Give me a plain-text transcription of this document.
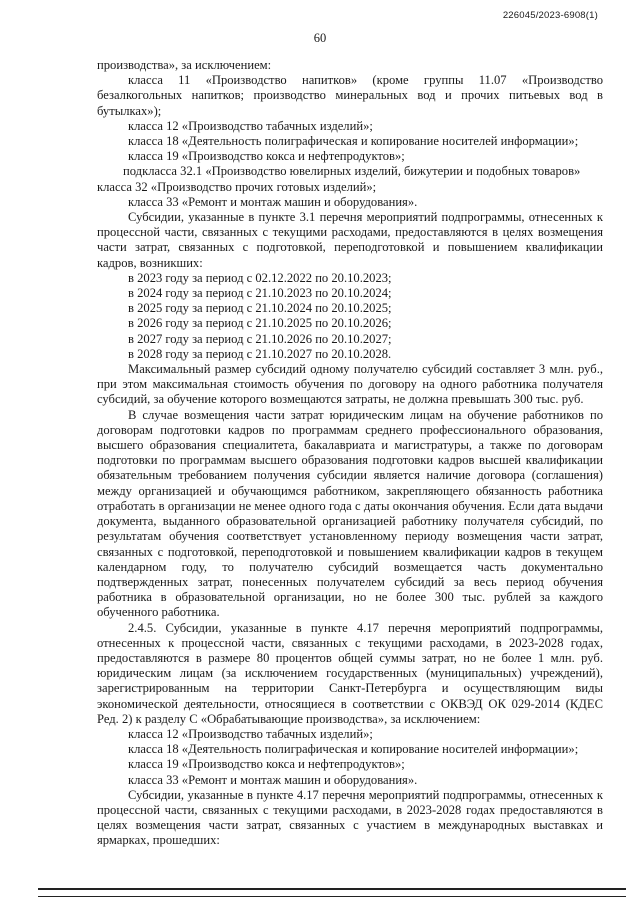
226045/2023-6908(1)
60

производства», за исключением:

класса 11 «Производство напитков» (кроме группы 11.07 «Производство безалкогольных напитков; производство минеральных вод и прочих питьевых вод в бутылках»);

класса 12 «Производство табачных изделий»;

класса 18 «Деятельность полиграфическая и копирование носителей информации»;

класса 19 «Производство кокса и нефтепродуктов»;

подкласса 32.1 «Производство ювелирных изделий, бижутерии и подобных товаров»

класса 32 «Производство прочих готовых изделий»;

класса 33 «Ремонт и монтаж машин и оборудования».

Субсидии, указанные в пункте 3.1 перечня мероприятий подпрограммы, отнесенных к процессной части, связанных с текущими расходами, предоставляются в целях возмещения части затрат, связанных с подготовкой, переподготовкой и повышением квалификации кадров, возникших:

в 2023 году за период с 02.12.2022 по 20.10.2023;

в 2024 году за период с 21.10.2023 по 20.10.2024;

в 2025 году за период с 21.10.2024 по 20.10.2025;

в 2026 году за период с 21.10.2025 по 20.10.2026;

в 2027 году за период с 21.10.2026 по 20.10.2027;

в 2028 году за период с 21.10.2027 по 20.10.2028.

Максимальный размер субсидий одному получателю субсидий составляет 3 млн. руб., при этом максимальная стоимость обучения по договору на одного работника получателя субсидий, за обучение которого возмещаются затраты, не должна превышать 300 тыс. руб.

В случае возмещения части затрат юридическим лицам на обучение работников по договорам подготовки кадров по программам среднего профессионального образования, высшего образования специалитета, бакалавриата и магистратуры, а также по договорам подготовки по программам высшего образования подготовки кадров высшей квалификации обязательным требованием получения субсидии является наличие договора (соглашения) между организацией и обучающимся работником, закрепляющего обязанность работника отработать в организации не менее одного года с даты окончания обучения. Если дата выдачи документа, выданного образовательной организацией работнику получателя субсидий, по результатам обучения соответствует установленному периоду возмещения части затрат, связанных с подготовкой, переподготовкой и повышением квалификации кадров в текущем календарном году, то получателю субсидий возмещается часть документально подтвержденных затрат, понесенных получателем субсидий за весь период обучения работника в образовательной организации, но не более 300 тыс. рублей за каждого обученного работника.

2.4.5. Субсидии, указанные в пункте 4.17 перечня мероприятий подпрограммы, отнесенных к процессной части, связанных с текущими расходами, в 2023-2028 годах, предоставляются в размере 80 процентов общей суммы затрат, но не более 1 млн. руб. юридическим лицам (за исключением государственных (муниципальных) учреждений), зарегистрированным на территории Санкт-Петербурга и осуществляющим виды экономической деятельности, относящиеся в соответствии с ОКВЭД ОК 029-2014 (КДЕС Ред. 2) к разделу С «Обрабатывающие производства», за исключением:

класса 12 «Производство табачных изделий»;

класса 18 «Деятельность полиграфическая и копирование носителей информации»;

класса 19 «Производство кокса и нефтепродуктов»;

класса 33 «Ремонт и монтаж машин и оборудования».

Субсидии, указанные в пункте 4.17 перечня мероприятий подпрограммы, отнесенных к процессной части, связанных с текущими расходами, в 2023-2028 годах предоставляются в целях возмещения части затрат, связанных с участием в международных выставках и ярмарках, прошедших:
